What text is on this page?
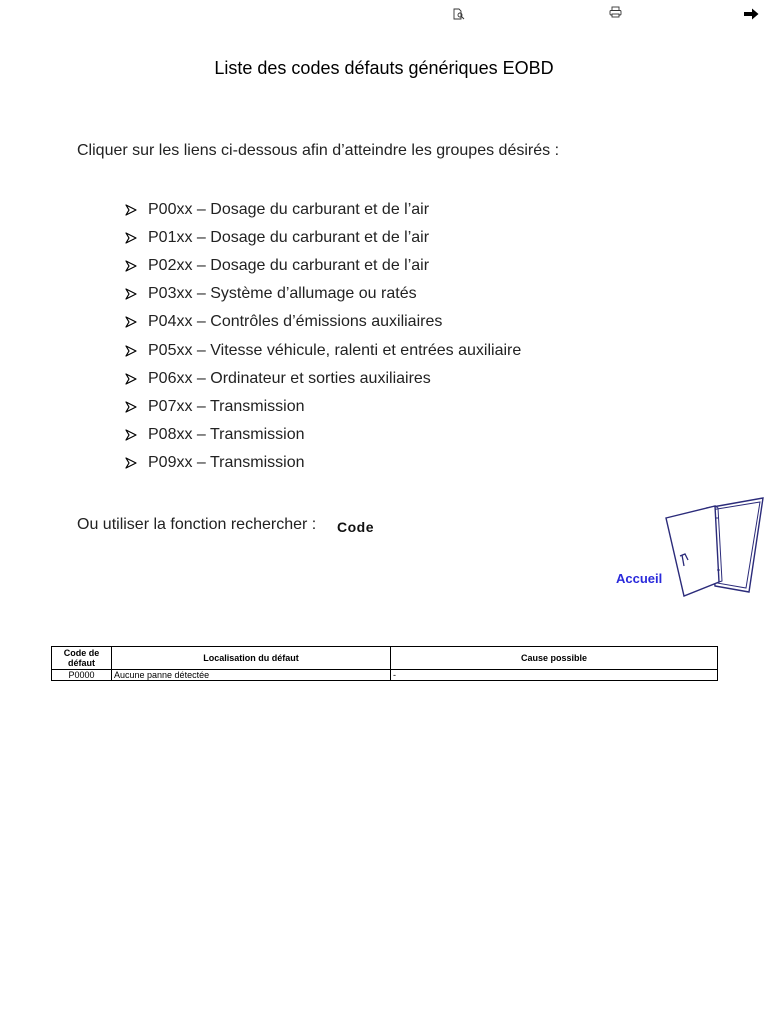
Liste des codes défauts génériques EOBD
Cliquer sur les liens ci-dessous afin d’atteindre les groupes désirés :
P00xx – Dosage du carburant et de l’air
P01xx – Dosage du carburant et de l’air
P02xx – Dosage du carburant et de l’air
P03xx – Système d’allumage ou ratés
P04xx – Contrôles d’émissions auxiliaires
P05xx – Vitesse véhicule, ralenti et entrées auxiliaire
P06xx – Ordinateur et sorties auxiliaires
P07xx – Transmission
P08xx – Transmission
P09xx – Transmission
Ou utiliser la fonction rechercher : Code
Accueil
Code de défaut	Localisation du défaut	Cause possible
P0000	Aucune panne détectée	-
